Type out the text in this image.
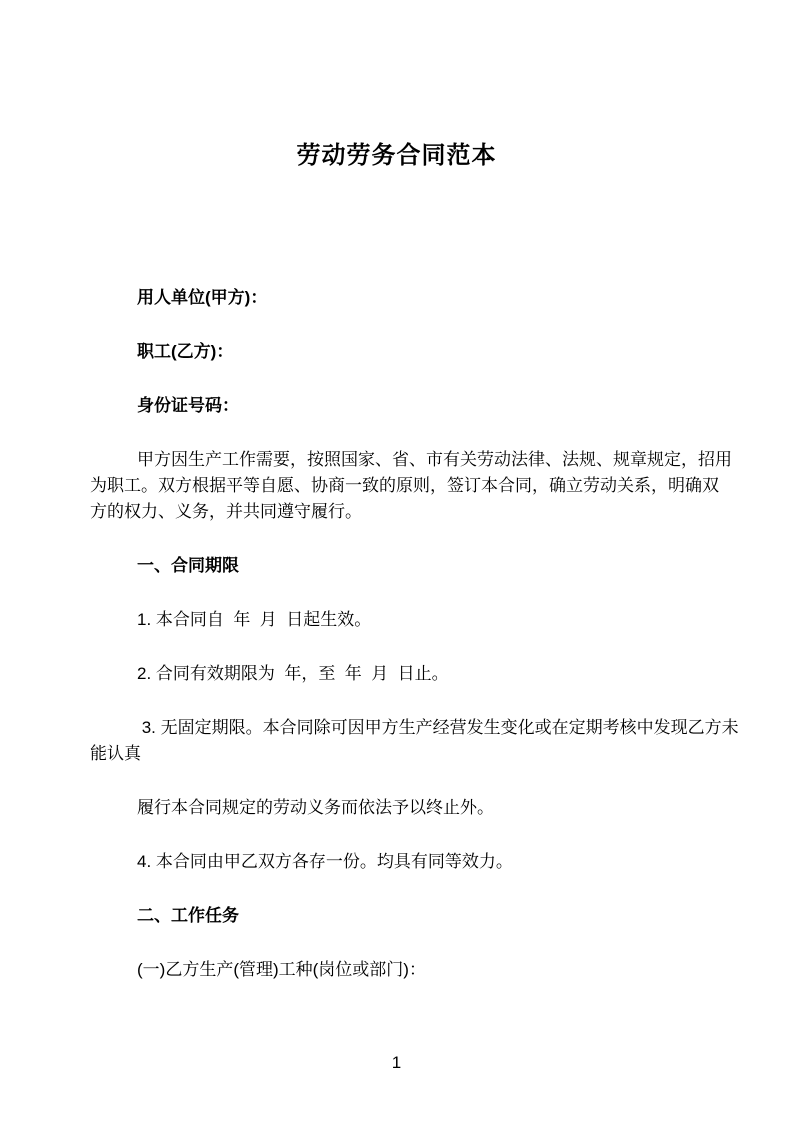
劳动劳务合同范本
用人单位(甲方)：
职工(乙方)：
身份证号码：
甲方因生产工作需要，按照国家、省、市有关劳动法律、法规、规章规定，招用
为职工。双方根据平等自愿、协商一致的原则，签订本合同，确立劳动关系，明确双
方的权力、义务，并共同遵守履行。
一、合同期限
1. 本合同自  年  月  日起生效。
2. 合同有效期限为  年，至  年  月  日止。
3. 无固定期限。本合同除可因甲方生产经营发生变化或在定期考核中发现乙方未
能认真
履行本合同规定的劳动义务而依法予以终止外。
4. 本合同由甲乙双方各存一份。均具有同等效力。
二、工作任务
(一)乙方生产(管理)工种(岗位或部门)：
1
